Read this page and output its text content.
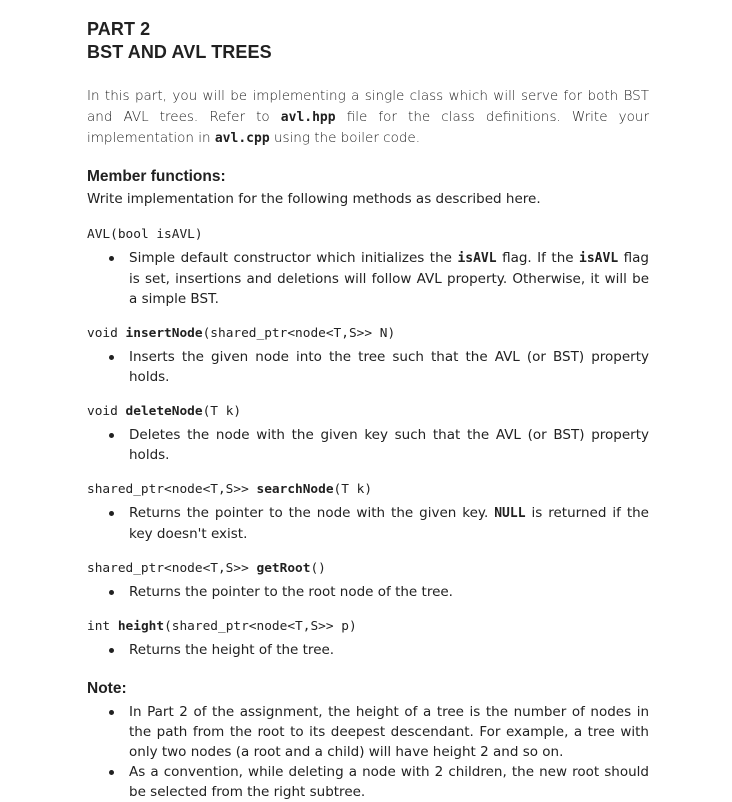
PART 2
BST AND AVL TREES

In this part, you will be implementing a single class which will serve for both BST and AVL trees. Refer to avl.hpp file for the class definitions. Write your implementation in avl.cpp using the boiler code.

Member functions:
Write implementation for the following methods as described here.
AVL(bool isAVL)
Simple default constructor which initializes the isAVL flag. If the isAVL flag is set, insertions and deletions will follow AVL property. Otherwise, it will be a simple BST.
void insertNode(shared_ptr<node<T,S>> N)
Inserts the given node into the tree such that the AVL (or BST) property holds.
void deleteNode(T k)
Deletes the node with the given key such that the AVL (or BST) property holds.
shared_ptr<node<T,S>> searchNode(T k)
Returns the pointer to the node with the given key. NULL is returned if the key doesn't exist.
shared_ptr<node<T,S>> getRoot()
Returns the pointer to the root node of the tree.
int height(shared_ptr<node<T,S>> p)
Returns the height of the tree.
Note:
In Part 2 of the assignment, the height of a tree is the number of nodes in the path from the root to its deepest descendant. For example, a tree with only two nodes (a root and a child) will have height 2 and so on.
As a convention, while deleting a node with 2 children, the new root should be selected from the right subtree.
